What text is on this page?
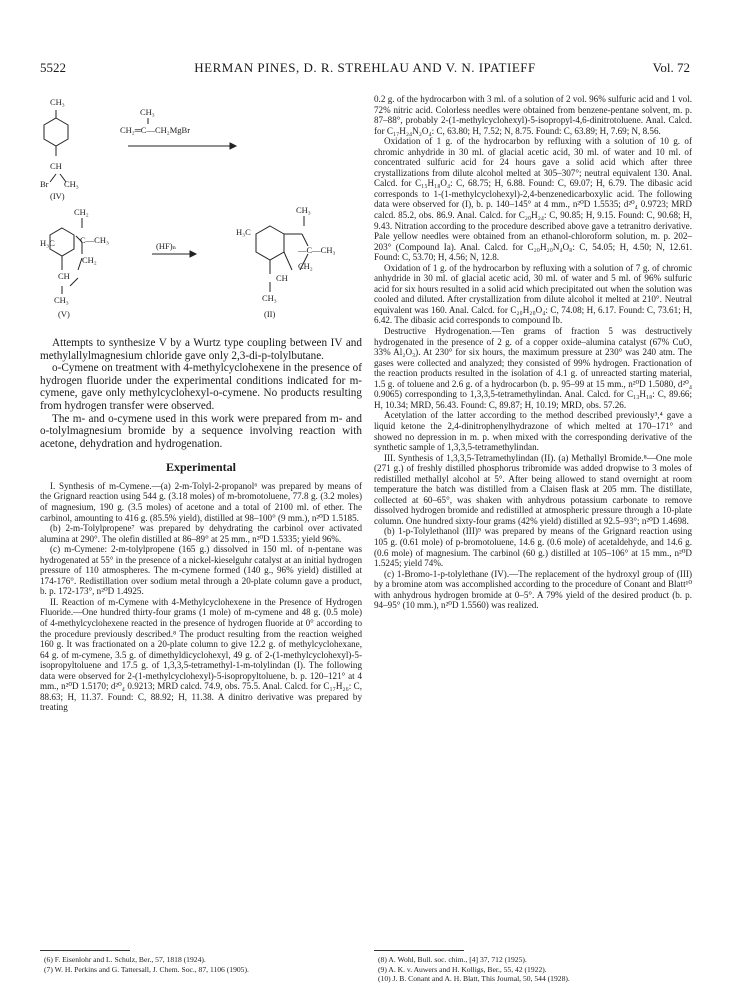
5522	HERMAN PINES, D. R. STREHLAU AND V. N. IPATIEFF	Vol. 72
CH₃
CH₃
CH₂═C—CH₂MgBr
CH
Br CH₃
(IV)
CH₂
H₃C	C—CH₃
(HF)ₙ
CH₂
CH
CH₃
(V)
CH₃
H₃C
—C—CH₃
CH₂
CH
CH₃
(II)

Attempts to synthesize V by a Wurtz type coupling between IV and methylallylmagnesium chloride gave only 2,3-di-p-tolylbutane.

o-Cymene on treatment with 4-methylcyclohexene in the presence of hydrogen fluoride under the experimental conditions indicated for m-cymene, gave only methylcyclohexyl-o-cymene. No products resulting from hydrogen transfer were observed.

The m- and o-cymene used in this work were prepared from m- and o-tolylmagnesium bromide by a sequence involving reaction with acetone, dehydration and hydrogenation.

Experimental

I. Synthesis of m-Cymene.—(a) 2-m-Tolyl-2-propanol⁶ was prepared by means of the Grignard reaction using 544 g. (3.18 moles) of m-bromotoluene, 77.8 g. (3.2 moles) of magnesium, 190 g. (3.5 moles) of acetone and a total of 2100 ml. of ether. The carbinol, amounting to 416 g. (85.5% yield), distilled at 98–100° (9 mm.), n²⁰D 1.5185.

(b) 2-m-Tolylpropene⁷ was prepared by dehydrating the carbinol over activated alumina at 290°. The olefin distilled at 86–89° at 25 mm., n²⁰D 1.5335; yield 96%.

(c) m-Cymene: 2-m-tolylpropene (165 g.) dissolved in 150 ml. of n-pentane was hydrogenated at 55° in the presence of a nickel-kieselguhr catalyst at an initial hydrogen pressure of 110 atmospheres. The m-cymene formed (140 g., 96% yield) distilled at 174-176°. Redistillation over sodium metal through a 20-plate column gave a product, b. p. 172-173°, n²⁰D 1.4925.

II. Reaction of m-Cymene with 4-Methylcyclohexene in the Presence of Hydrogen Fluoride.—One hundred thirty-four grams (1 mole) of m-cymene and 48 g. (0.5 mole) of 4-methylcyclohexene reacted in the presence of hydrogen fluoride at 0° according to the procedure previously described.⁸ The product resulting from the reaction weighed 160 g. It was fractionated on a 20-plate column to give 12.2 g. of methylcyclohexane, 64 g. of m-cymene, 3.5 g. of dimethyldicyclohexyl, 49 g. of 2-(1-methylcyclohexyl)-5-isopropyltoluene and 17.5 g. of 1,3,3,5-tetramethyl-1-m-tolylindan (I). The following data were observed for 2-(1-methylcyclohexyl)-5-isopropyltoluene, b. p. 120–121° at 4 mm., n²⁰D 1.5170; d²⁰₄ 0.9213; MRD calcd. 74.9, obs. 75.5. Anal. Calcd. for C₁₇H₂₆: C, 88.63; H, 11.37. Found: C, 88.92; H, 11.38. A dinitro derivative was prepared by treating

0.2 g. of the hydrocarbon with 3 ml. of a solution of 2 vol. 96% sulfuric acid and 1 vol. 72% nitric acid. Colorless needles were obtained from benzene-pentane solvent, m. p. 87–88°, probably 2-(1-methylcyclohexyl)-5-isopropyl-4,6-dinitrotoluene. Anal. Calcd. for C₁₇H₂₄N₂O₄: C, 63.80; H, 7.52; N, 8.75. Found: C, 63.89; H, 7.69; N, 8.56.

Oxidation of 1 g. of the hydrocarbon by refluxing with a solution of 10 g. of chromic anhydride in 30 ml. of glacial acetic acid, 30 ml. of water and 10 ml. of concentrated sulfuric acid for 24 hours gave a solid acid which after three crystallizations from dilute alcohol melted at 305–307°; neutral equivalent 130. Anal. Calcd. for C₁₅H₁₈O₄: C, 68.75; H, 6.88. Found: C, 69.07; H, 6.79. The dibasic acid corresponds to 1-(1-methylcyclohexyl)-2,4-benzenedicarboxylic acid. The following data were observed for (I), b. p. 140–145° at 4 mm., n²⁰D 1.5535; d²⁰₄ 0.9723; MRD calcd. 85.2, obs. 86.9. Anal. Calcd. for C₂₀H₂₄: C, 90.85; H, 9.15. Found: C, 90.68; H, 9.43. Nitration according to the procedure described above gave a tetranitro derivative. Pale yellow needles were obtained from an ethanol-chloroform solution, m. p. 202–203° (Compound Ia). Anal. Calcd. for C₂₀H₂₀N₄O₈: C, 54.05; H, 4.50; N, 12.61. Found: C, 53.70; H, 4.56; N, 12.8.

Oxidation of 1 g. of the hydrocarbon by refluxing with a solution of 7 g. of chromic anhydride in 30 ml. of glacial acetic acid, 30 ml. of water and 5 ml. of 96% sulfuric acid for six hours resulted in a solid acid which precipitated out when the solution was cooled and diluted. After crystallization from dilute alcohol it melted at 210°. Neutral equivalent was 160. Anal. Calcd. for C₂₀H₂₀O₄: C, 74.08; H, 6.17. Found: C, 73.61; H, 6.42. The dibasic acid corresponds to compound Ib.

Destructive Hydrogenation.—Ten grams of fraction 5 was destructively hydrogenated in the presence of 2 g. of a copper oxide–alumina catalyst (67% CuO, 33% Al₂O₃). At 230° for six hours, the maximum pressure at 230° was 240 atm. The gases were collected and analyzed; they consisted of 99% hydrogen. Fractionation of the reaction products resulted in the isolation of 4.1 g. of unreacted starting material, 1.5 g. of toluene and 2.6 g. of a hydrocarbon (b. p. 95–99 at 15 mm., n²⁰D 1.5080, d²⁰₄ 0.9065) corresponding to 1,3,3,5-tetramethylindan. Anal. Calcd. for C₁₃H₁₈: C, 89.66; H, 10.34; MRD, 56.43. Found: C, 89.87; H, 10.19; MRD, obs. 57.26.

Acetylation of the latter according to the method described previously³,⁴ gave a liquid ketone the 2,4-dinitrophenylhydrazone of which melted at 170–171° and showed no depression in m. p. when mixed with the corresponding derivative of the synthetic sample of 1,3,3,5-tetramethylindan.

III. Synthesis of 1,3,3,5-Tetramethylindan (II). (a) Methallyl Bromide.⁸—One mole (271 g.) of freshly distilled phosphorus tribromide was added dropwise to 3 moles of redistilled methallyl alcohol at 5°. After being allowed to stand overnight at room temperature the batch was distilled from a Claisen flask at 205 mm. The distillate, collected at 60–65°, was shaken with anhydrous potassium carbonate to remove dissolved hydrogen bromide and redistilled at atmospheric pressure through a 10-plate column. One hundred sixty-four grams (42% yield) distilled at 92.5–93°; n²⁰D 1.4698.

(b) 1-p-Tolylethanol (III)⁹ was prepared by means of the Grignard reaction using 105 g. (0.61 mole) of p-bromotoluene, 14.6 g. (0.6 mole) of acetaldehyde, and 14.6 g. (0.6 mole) of magnesium. The carbinol (60 g.) distilled at 105–106° at 15 mm., n²⁰D 1.5245; yield 74%.

(c) 1-Bromo-1-p-tolylethane (IV).—The replacement of the hydroxyl group of (III) by a bromine atom was accomplished according to the procedure of Conant and Blatt¹⁰ with anhydrous hydrogen bromide at 0–5°. A 79% yield of the desired product (b. p. 94–95° (10 mm.), n²⁰D 1.5560) was realized.

(6) F. Eisenlohr and L. Schulz, Ber., 57, 1818 (1924).
(7) W. H. Perkins and G. Tattersall, J. Chem. Soc., 87, 1106 (1905).
(8) A. Wohl, Bull. soc. chim., [4] 37, 712 (1925).
(9) A. K. v. Auwers and H. Kolligs, Ber., 55, 42 (1922).
(10) J. B. Conant and A. H. Blatt, This Journal, 50, 544 (1928).
